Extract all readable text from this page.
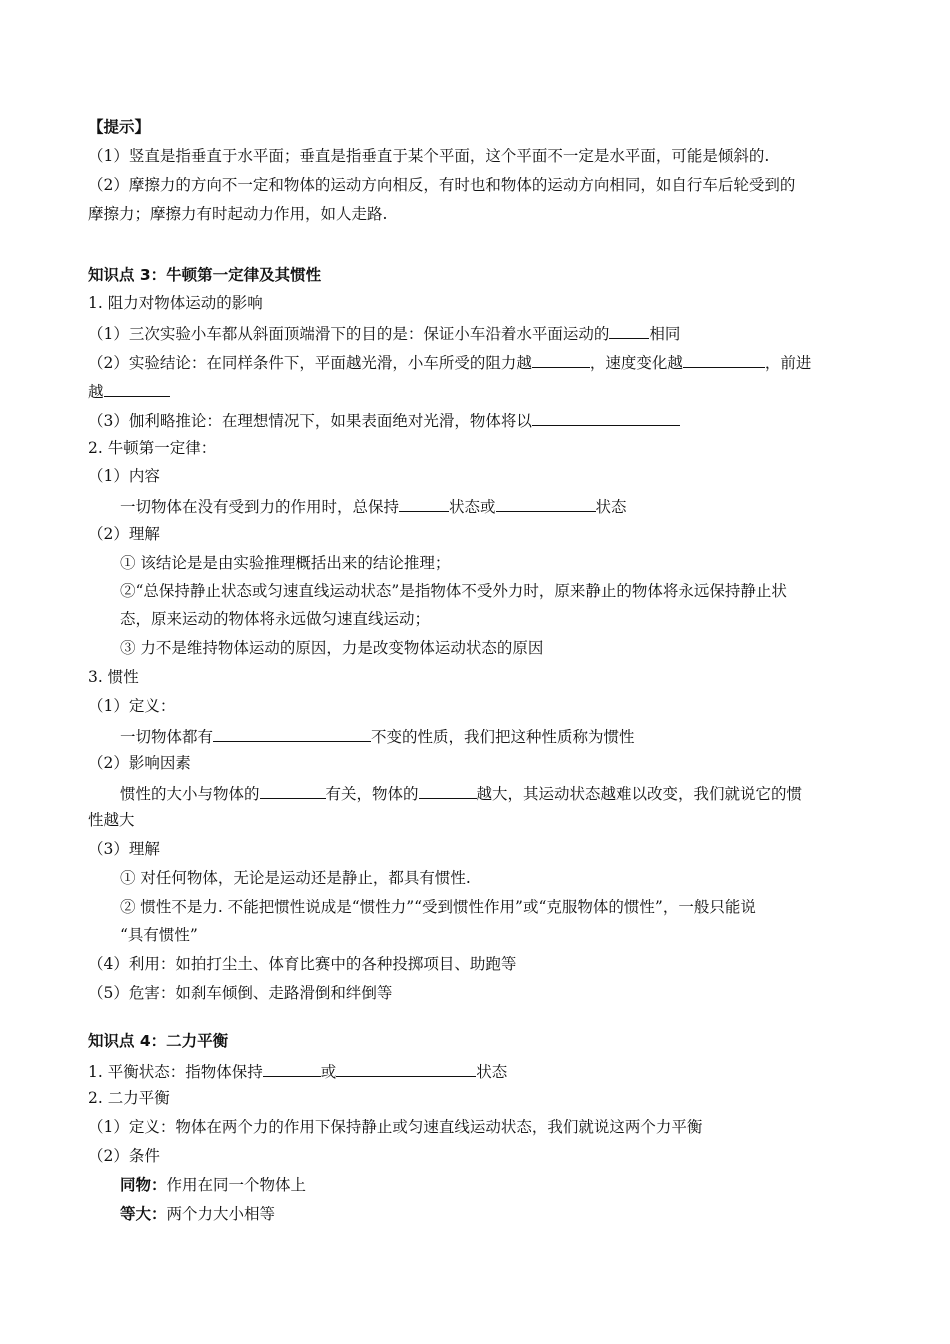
【提示】
（1）竖直是指垂直于水平面；垂直是指垂直于某个平面，这个平面不一定是水平面，可能是倾斜的.
（2）摩擦力的方向不一定和物体的运动方向相反，有时也和物体的运动方向相同，如自行车后轮受到的
摩擦力；摩擦力有时起动力作用，如人走路.
知识点 3：牛顿第一定律及其惯性
1. 阻力对物体运动的影响
（1）三次实验小车都从斜面顶端滑下的目的是：保证小车沿着水平面运动的	相同
（2）实验结论：在同样条件下，平面越光滑，小车所受的阻力越	，速度变化越	，前进
越
（3）伽利略推论：在理想情况下，如果表面绝对光滑，物体将以
2. 牛顿第一定律：
（1）内容
一切物体在没有受到力的作用时，总保持	状态或	状态
（2）理解
① 该结论是是由实验推理概括出来的结论推理；
②“总保持静止状态或匀速直线运动状态”是指物体不受外力时，原来静止的物体将永远保持静止状
态，原来运动的物体将永远做匀速直线运动；
③ 力不是维持物体运动的原因，力是改变物体运动状态的原因
3. 惯性
（1）定义：
一切物体都有	不变的性质，我们把这种性质称为惯性
（2）影响因素
惯性的大小与物体的	有关，物体的	越大，其运动状态越难以改变，我们就说它的惯
性越大
（3）理解
① 对任何物体，无论是运动还是静止，都具有惯性.
② 惯性不是力. 不能把惯性说成是“惯性力”“受到惯性作用”或“克服物体的惯性”，一般只能说
“具有惯性”
（4）利用：如拍打尘土、体育比赛中的各种投掷项目、助跑等
（5）危害：如刹车倾倒、走路滑倒和绊倒等
知识点 4：二力平衡
1. 平衡状态：指物体保持	或	状态
2. 二力平衡
（1）定义：物体在两个力的作用下保持静止或匀速直线运动状态，我们就说这两个力平衡
（2）条件
同物：作用在同一个物体上
等大：两个力大小相等
